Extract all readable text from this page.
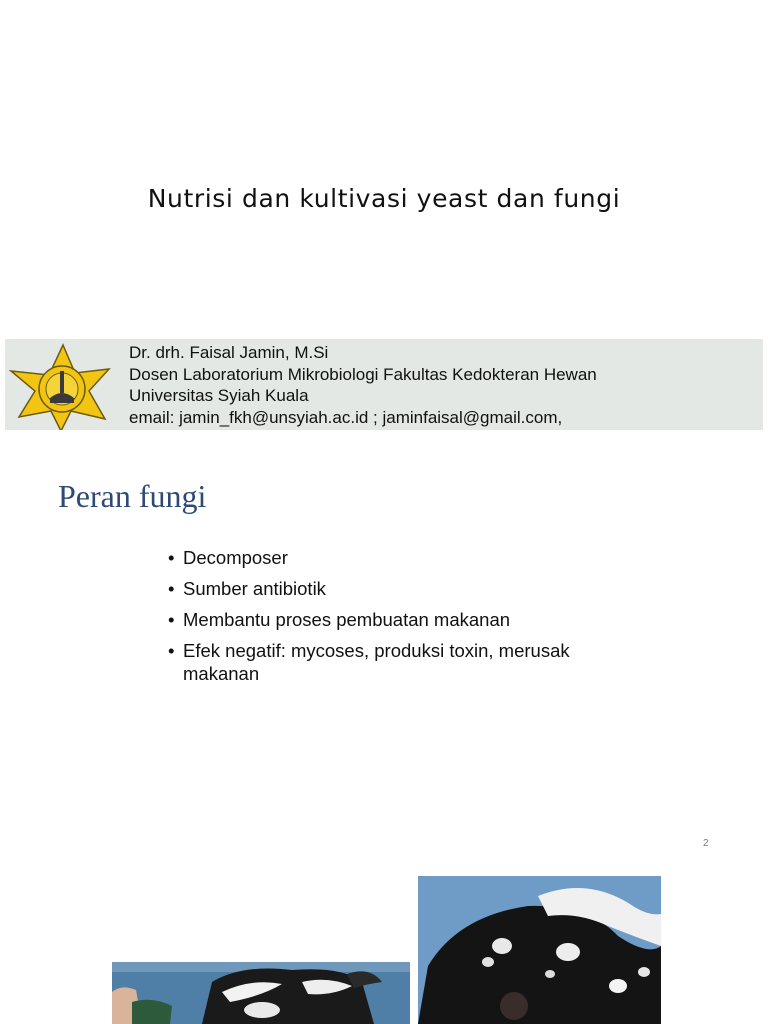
Nutrisi dan kultivasi yeast dan fungi
Dr. drh. Faisal Jamin, M.Si
Dosen Laboratorium Mikrobiologi Fakultas Kedokteran Hewan
Universitas Syiah Kuala
email: jamin_fkh@unsyiah.ac.id ; jaminfaisal@gmail.com,
Peran fungi
• Decomposer
• Sumber antibiotik
• Membantu proses pembuatan makanan
• Efek negatif: mycoses, produksi toxin, merusak makanan
2
